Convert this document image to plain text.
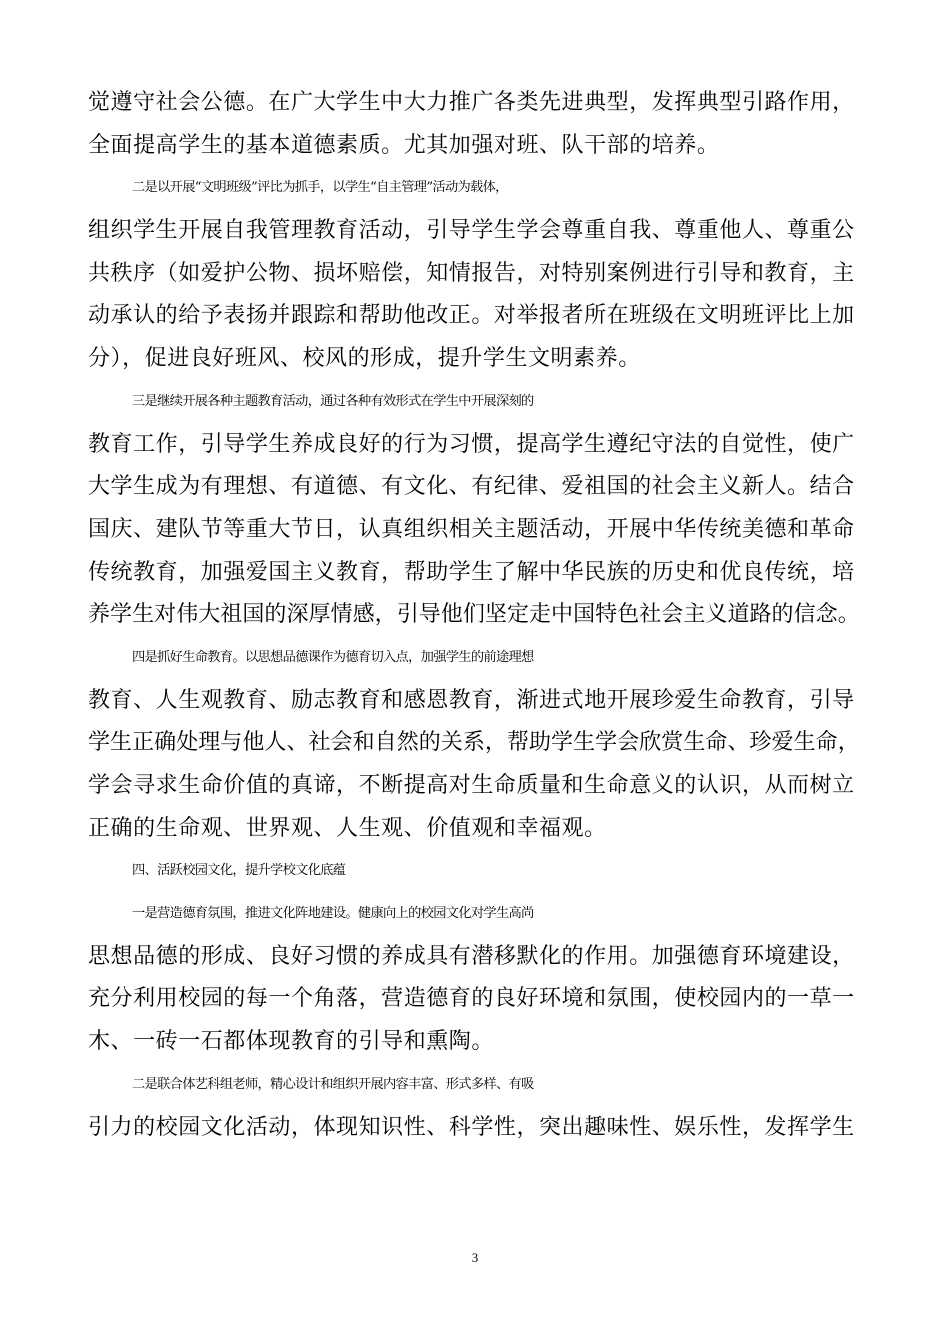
觉遵守社会公德。在广大学生中大力推广各类先进典型，发挥典型引路作用，
全面提高学生的基本道德素质。尤其加强对班、队干部的培养。
二是以开展“文明班级”评比为抓手，以学生“自主管理”活动为载体，
组织学生开展自我管理教育活动，引导学生学会尊重自我、尊重他人、尊重公
共秩序（如爱护公物、损坏赔偿，知情报告，对特别案例进行引导和教育，主
动承认的给予表扬并跟踪和帮助他改正。对举报者所在班级在文明班评比上加
分），促进良好班风、校风的形成，提升学生文明素养。
三是继续开展各种主题教育活动，通过各种有效形式在学生中开展深刻的
教育工作，引导学生养成良好的行为习惯，提高学生遵纪守法的自觉性，使广
大学生成为有理想、有道德、有文化、有纪律、爱祖国的社会主义新人。结合
国庆、建队节等重大节日，认真组织相关主题活动，开展中华传统美德和革命
传统教育，加强爱国主义教育，帮助学生了解中华民族的历史和优良传统，培
养学生对伟大祖国的深厚情感，引导他们坚定走中国特色社会主义道路的信念。
四是抓好生命教育。以思想品德课作为德育切入点，加强学生的前途理想
教育、人生观教育、励志教育和感恩教育，渐进式地开展珍爱生命教育，引导
学生正确处理与他人、社会和自然的关系，帮助学生学会欣赏生命、珍爱生命，
学会寻求生命价值的真谛，不断提高对生命质量和生命意义的认识，从而树立
正确的生命观、世界观、人生观、价值观和幸福观。
四、活跃校园文化，提升学校文化底蕴
一是营造德育氛围，推进文化阵地建设。健康向上的校园文化对学生高尚
思想品德的形成、良好习惯的养成具有潜移默化的作用。加强德育环境建设，
充分利用校园的每一个角落，营造德育的良好环境和氛围，使校园内的一草一
木、一砖一石都体现教育的引导和熏陶。
二是联合体艺科组老师，精心设计和组织开展内容丰富、形式多样、有吸
引力的校园文化活动，体现知识性、科学性，突出趣味性、娱乐性，发挥学生
3
